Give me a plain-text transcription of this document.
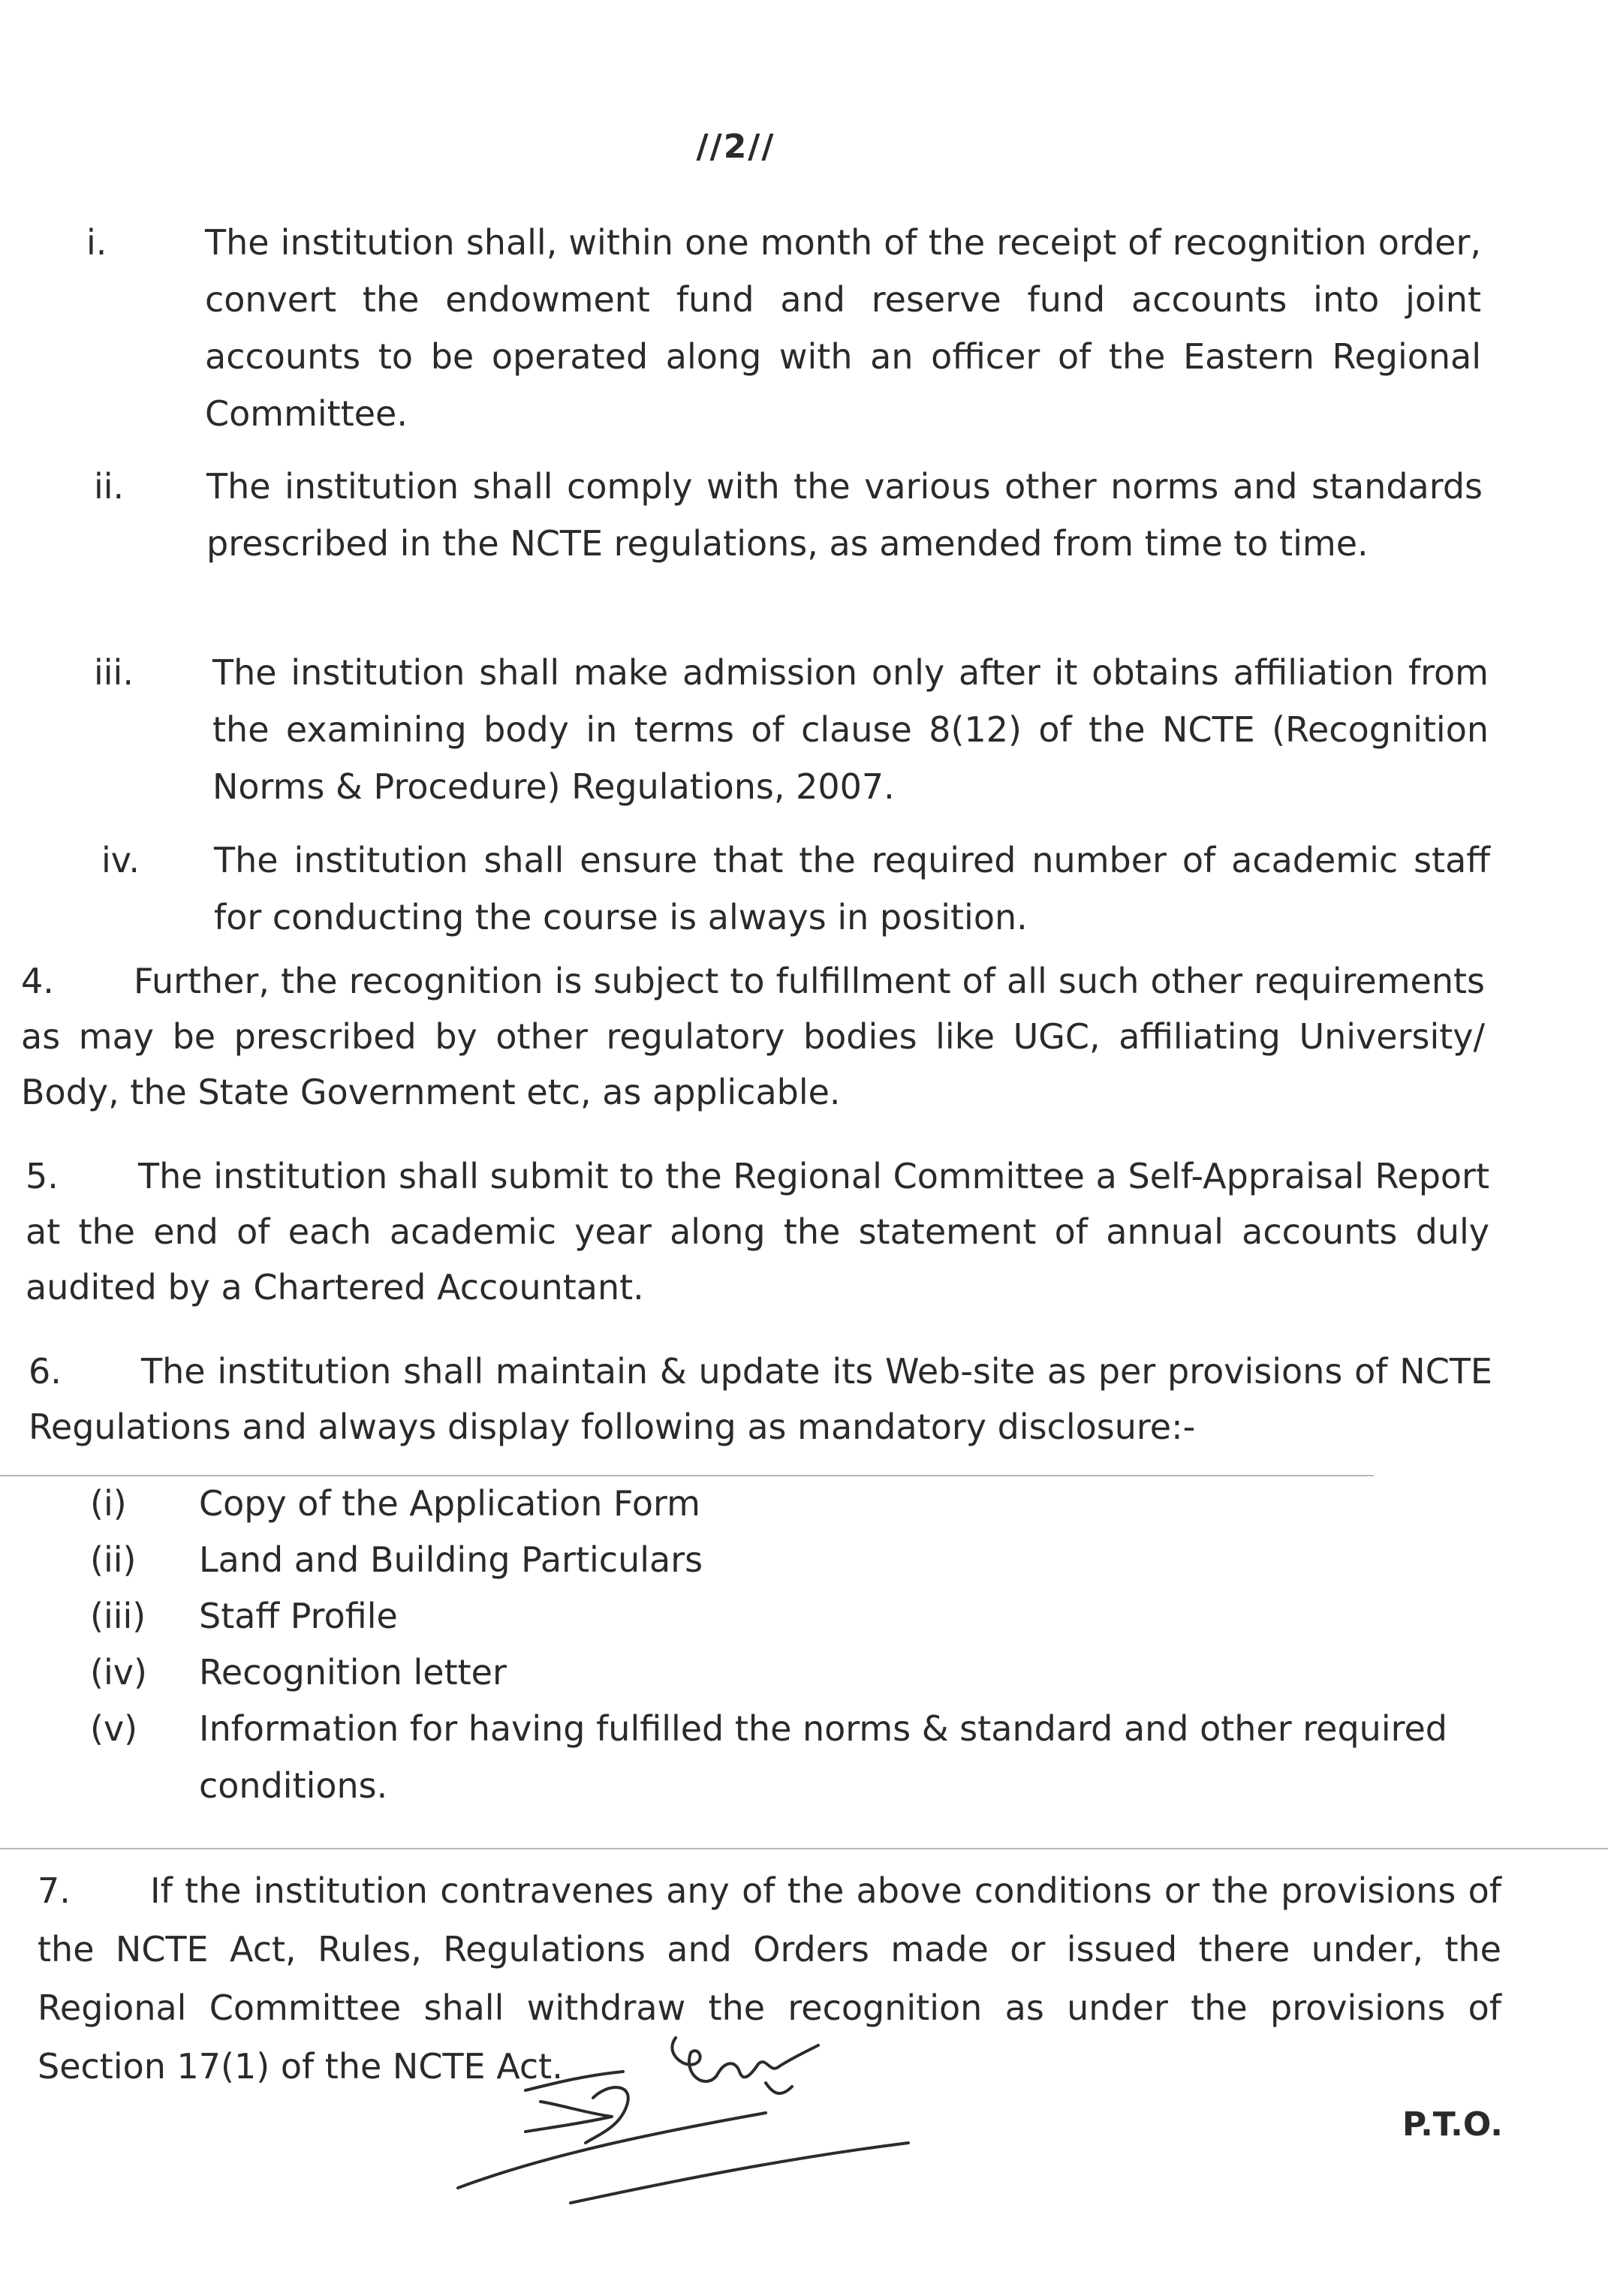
//2//
i.	The institution shall, within one month of the receipt of recognition order, convert the endowment fund and reserve fund accounts into joint accounts to be operated along with an officer of the Eastern Regional Committee.
ii. The institution shall comply with the various other norms and standards prescribed in the NCTE regulations, as amended from time to time.
iii. The institution shall make admission only after it obtains affiliation from the examining body in terms of clause 8(12) of the NCTE (Recognition Norms & Procedure) Regulations, 2007.
iv. The institution shall ensure that the required number of academic staff for conducting the course is always in position.
4. Further, the recognition is subject to fulfillment of all such other requirements as may be prescribed by other regulatory bodies like UGC, affiliating University/ Body, the State Government etc, as applicable.
5. The institution shall submit to the Regional Committee a Self-Appraisal Report at the end of each academic year along the statement of annual accounts duly audited by a Chartered Accountant.
6. The institution shall maintain & update its Web-site as per provisions of NCTE Regulations and always display following as mandatory disclosure:-
(i) Copy of the Application Form
(ii) Land and Building Particulars
(iii) Staff Profile
(iv) Recognition letter
(v) Information for having fulfilled the norms & standard and other required conditions.
7. If the institution contravenes any of the above conditions or the provisions of the NCTE Act, Rules, Regulations and Orders made or issued there under, the Regional Committee shall withdraw the recognition as under the provisions of Section 17(1) of the NCTE Act.
P.T.O.
